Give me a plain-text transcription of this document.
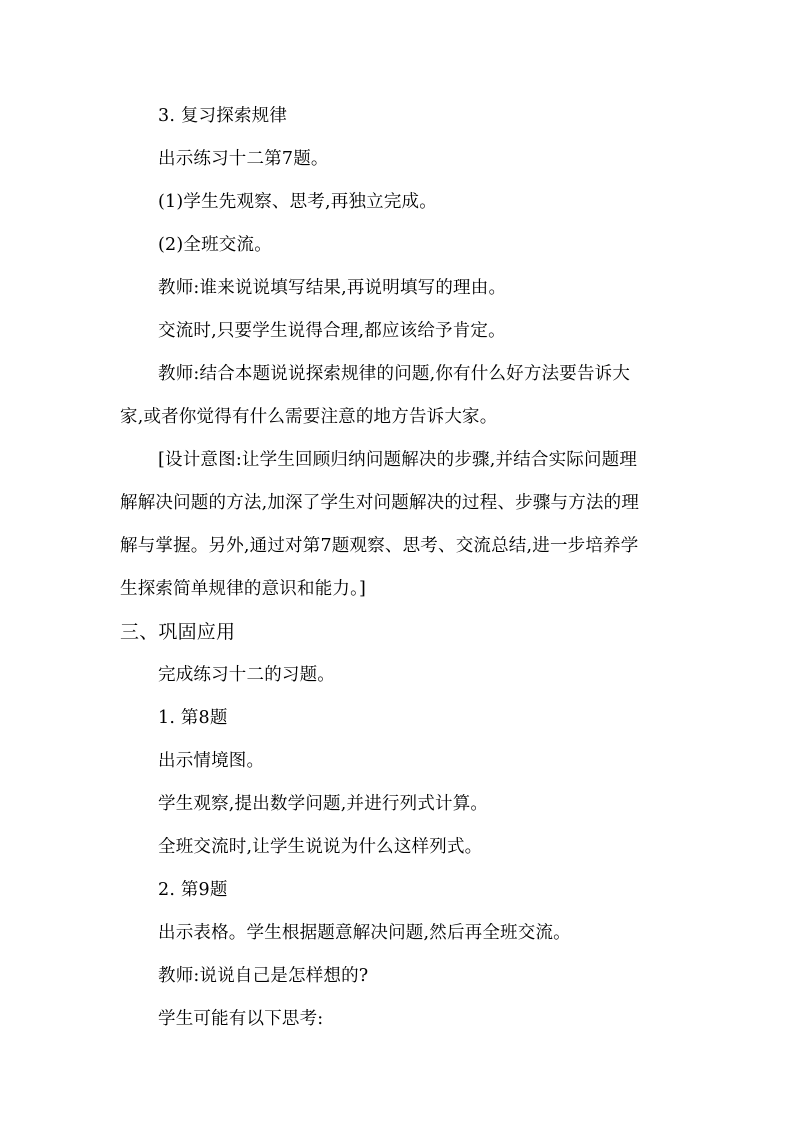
3. 复习探索规律

出示练习十二第7题。

(1)学生先观察、思考,再独立完成。

(2)全班交流。

教师:谁来说说填写结果,再说明填写的理由。

交流时,只要学生说得合理,都应该给予肯定。

教师:结合本题说说探索规律的问题,你有什么好方法要告诉大

家,或者你觉得有什么需要注意的地方告诉大家。

[设计意图:让学生回顾归纳问题解决的步骤,并结合实际问题理

解解决问题的方法,加深了学生对问题解决的过程、步骤与方法的理

解与掌握。另外,通过对第7题观察、思考、交流总结,进一步培养学

生探索简单规律的意识和能力。]

三、巩固应用

完成练习十二的习题。

1. 第8题

出示情境图。

学生观察,提出数学问题,并进行列式计算。

全班交流时,让学生说说为什么这样列式。

2. 第9题

出示表格。学生根据题意解决问题,然后再全班交流。

教师:说说自己是怎样想的?

学生可能有以下思考:
